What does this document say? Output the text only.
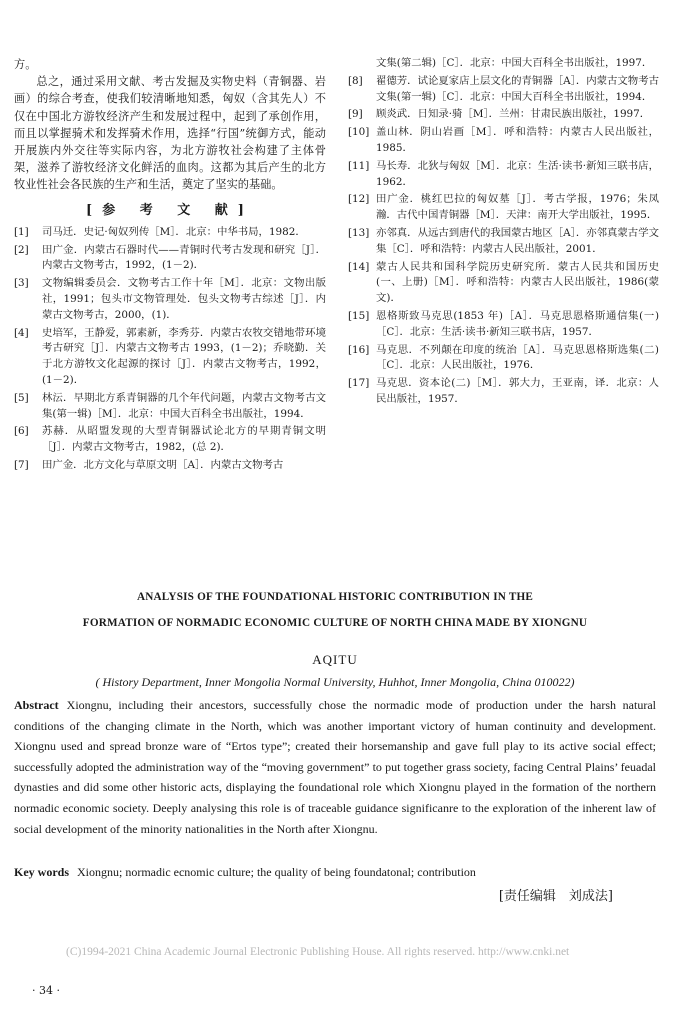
方。

总之，通过采用文献、考古发掘及实物史料（青铜器、岩画）的综合考查，使我们较清晰地知悉，匈奴（含其先人）不仅在中国北方游牧经济产生和发展过程中，起到了承创作用，而且以掌握骑术和发挥骑术作用，选择“行国”统御方式，能动开展族内外交往等实际内容，为北方游牧社会构建了主体骨架，滋养了游牧经济文化鲜活的血肉。这都为其后产生的北方牧业性社会各民族的生产和生活，奠定了坚实的基础。

[参 考 文 献]
[1]	司马迁．史记·匈奴列传［M］．北京：中华书局，1982．
[2]	田广金．内蒙古石器时代——青铜时代考古发现和研究［J］．内蒙古文物考古，1992，(1－2)．
[3]	文物编辑委员会．文物考古工作十年［M］．北京：文物出版社，1991；包头市文物管理处．包头文物考古综述［J］．内蒙古文物考古，2000，(1)．
[4]	史培军，王静爱，郭素新，李秀芬．内蒙古农牧交错地带环境考古研究［J］．内蒙古文物考古 1993，(1－2)；乔晓勤．关于北方游牧文化起源的探讨［J］．内蒙古文物考古，1992，(1－2)．
[5]	林沄．早期北方系青铜器的几个年代问题，内蒙古文物考古文集(第一辑)［M］．北京：中国大百科全书出版社，1994．
[6]	苏赫．从昭盟发现的大型青铜器试论北方的早期青铜文明［J］．内蒙古文物考古，1982，(总 2)．
[7]	田广金．北方文化与草原文明［A］．内蒙古文物考古
文集(第二辑)［C］．北京：中国大百科全书出版社，1997．
[8]	翟德芳．试论夏家店上层文化的青铜器［A］．内蒙古文物考古文集(第一辑)［C］．北京：中国大百科全书出版社，1994．
[9]	顾炎武．日知录·骑［M］．兰州：甘肃民族出版社，1997．
[10] 盖山林．阴山岩画［M］．呼和浩特：内蒙古人民出版社，1985．
[11] 马长寿．北狄与匈奴［M］．北京：生活·读书·新知三联书店，1962．
[12] 田广金．桃红巴拉的匈奴墓［J］．考古学报，1976；朱凤瀚．古代中国青铜器［M］．天津：南开大学出版社，1995．
[13] 亦邻真．从远古到唐代的我国蒙古地区［A］．亦邻真蒙古学文集［C］．呼和浩特：内蒙古人民出版社，2001．
[14] 蒙古人民共和国科学院历史研究所．蒙古人民共和国历史(一、上册)［M］．呼和浩特：内蒙古人民出版社，1986(蒙文)．
[15] 恩格斯致马克思(1853 年)［A］．马克思恩格斯通信集(一)［C］．北京：生活·读书·新知三联书店，1957．
[16] 马克思．不列颠在印度的统治［A］．马克思恩格斯选集(二)［C］．北京：人民出版社，1976．
[17] 马克思．资本论(二)［M］．郭大力，王亚南，译．北京：人民出版社，1957．
ANALYSIS OF THE FOUNDATIONAL HISTORIC CONTRIBUTION IN THE
FORMATION OF NORMADIC ECONOMIC CULTURE OF NORTH CHINA MADE BY XIONGNU
AQITU
( History Department, Inner Mongolia Normal University, Huhhot, Inner Mongolia, China 010022)
Abstract Xiongnu, including their ancestors, successfully chose the normadic mode of production under the harsh natural conditions of the changing climate in the North, which was another important victory of human continuity and development. Xiongnu used and spread bronze ware of “Ertos type”; created their horsemanship and gave full play to its active social effect; successfully adopted the administration way of the “moving government” to put together grass society, facing Central Plains’ feuadal dynasties and did some other historic acts, displaying the foundational role which Xiongnu played in the formation of the northern normadic economic society. Deeply analysing this role is of traceable guidance significanre to the exploration of the inherent law of social development of the minority nationalities in the North after Xiongnu.
Key words Xiongnu; normadic ecnomic culture; the quality of being foundatonal; contribution
[责任编辑　刘成法]
(C)1994-2021 China Academic Journal Electronic Publishing House. All rights reserved. http://www.cnki.net
· 34 ·
